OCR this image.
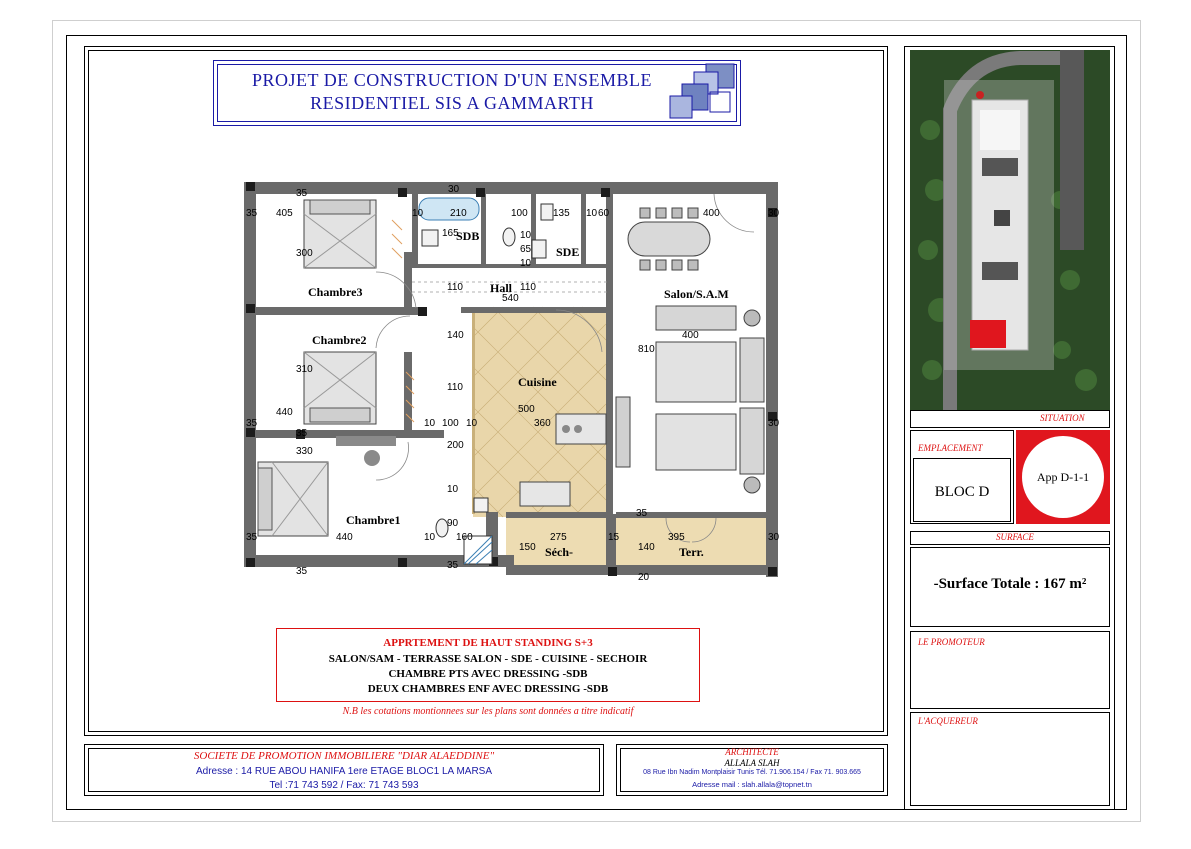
PROJET DE CONSTRUCTION D'UN ENSEMBLE
RESIDENTIEL SIS A GAMMARTH
35 405
300
10	210
30
165
100	135 10 60	400	30
110
540
10
65
10
110
140
810
400
310
440
110
10 100 10	360	30
500
330
200
10
90
10 160	275	15	395
35
150	140
20
35	440
35
35
30
35
35
35
Chambre3
Chambre2
Chambre1
SDB
SDE
Hall	Salon/S.A.M
Cuisine
Séch-	Terr.
APPRTEMENT DE HAUT STANDING S+3
SALON/SAM - TERRASSE SALON - SDE - CUISINE - SECHOIR
CHAMBRE PTS AVEC DRESSING -SDB
DEUX CHAMBRES ENF AVEC DRESSING -SDB
N.B les cotations montionnees sur les plans sont données a titre indicatif
SOCIETE DE PROMOTION IMMOBILIERE "DIAR ALAEDDINE"
Adresse : 14 RUE ABOU HANIFA 1ere ETAGE BLOC1 LA MARSA
Tel :71 743 592 / Fax: 71 743 593
ARCHITECTE
ALLALA SLAH
08 Rue Ibn Nadim Montplaisir Tunis Tél. 71.906.154 / Fax 71. 903.665
Adresse mail : slah.allala@topnet.tn
SITUATION
EMPLACEMENT
BLOC D
App D-1-1
SURFACE
-Surface Totale : 167 m²
LE PROMOTEUR
L'ACQUEREUR
